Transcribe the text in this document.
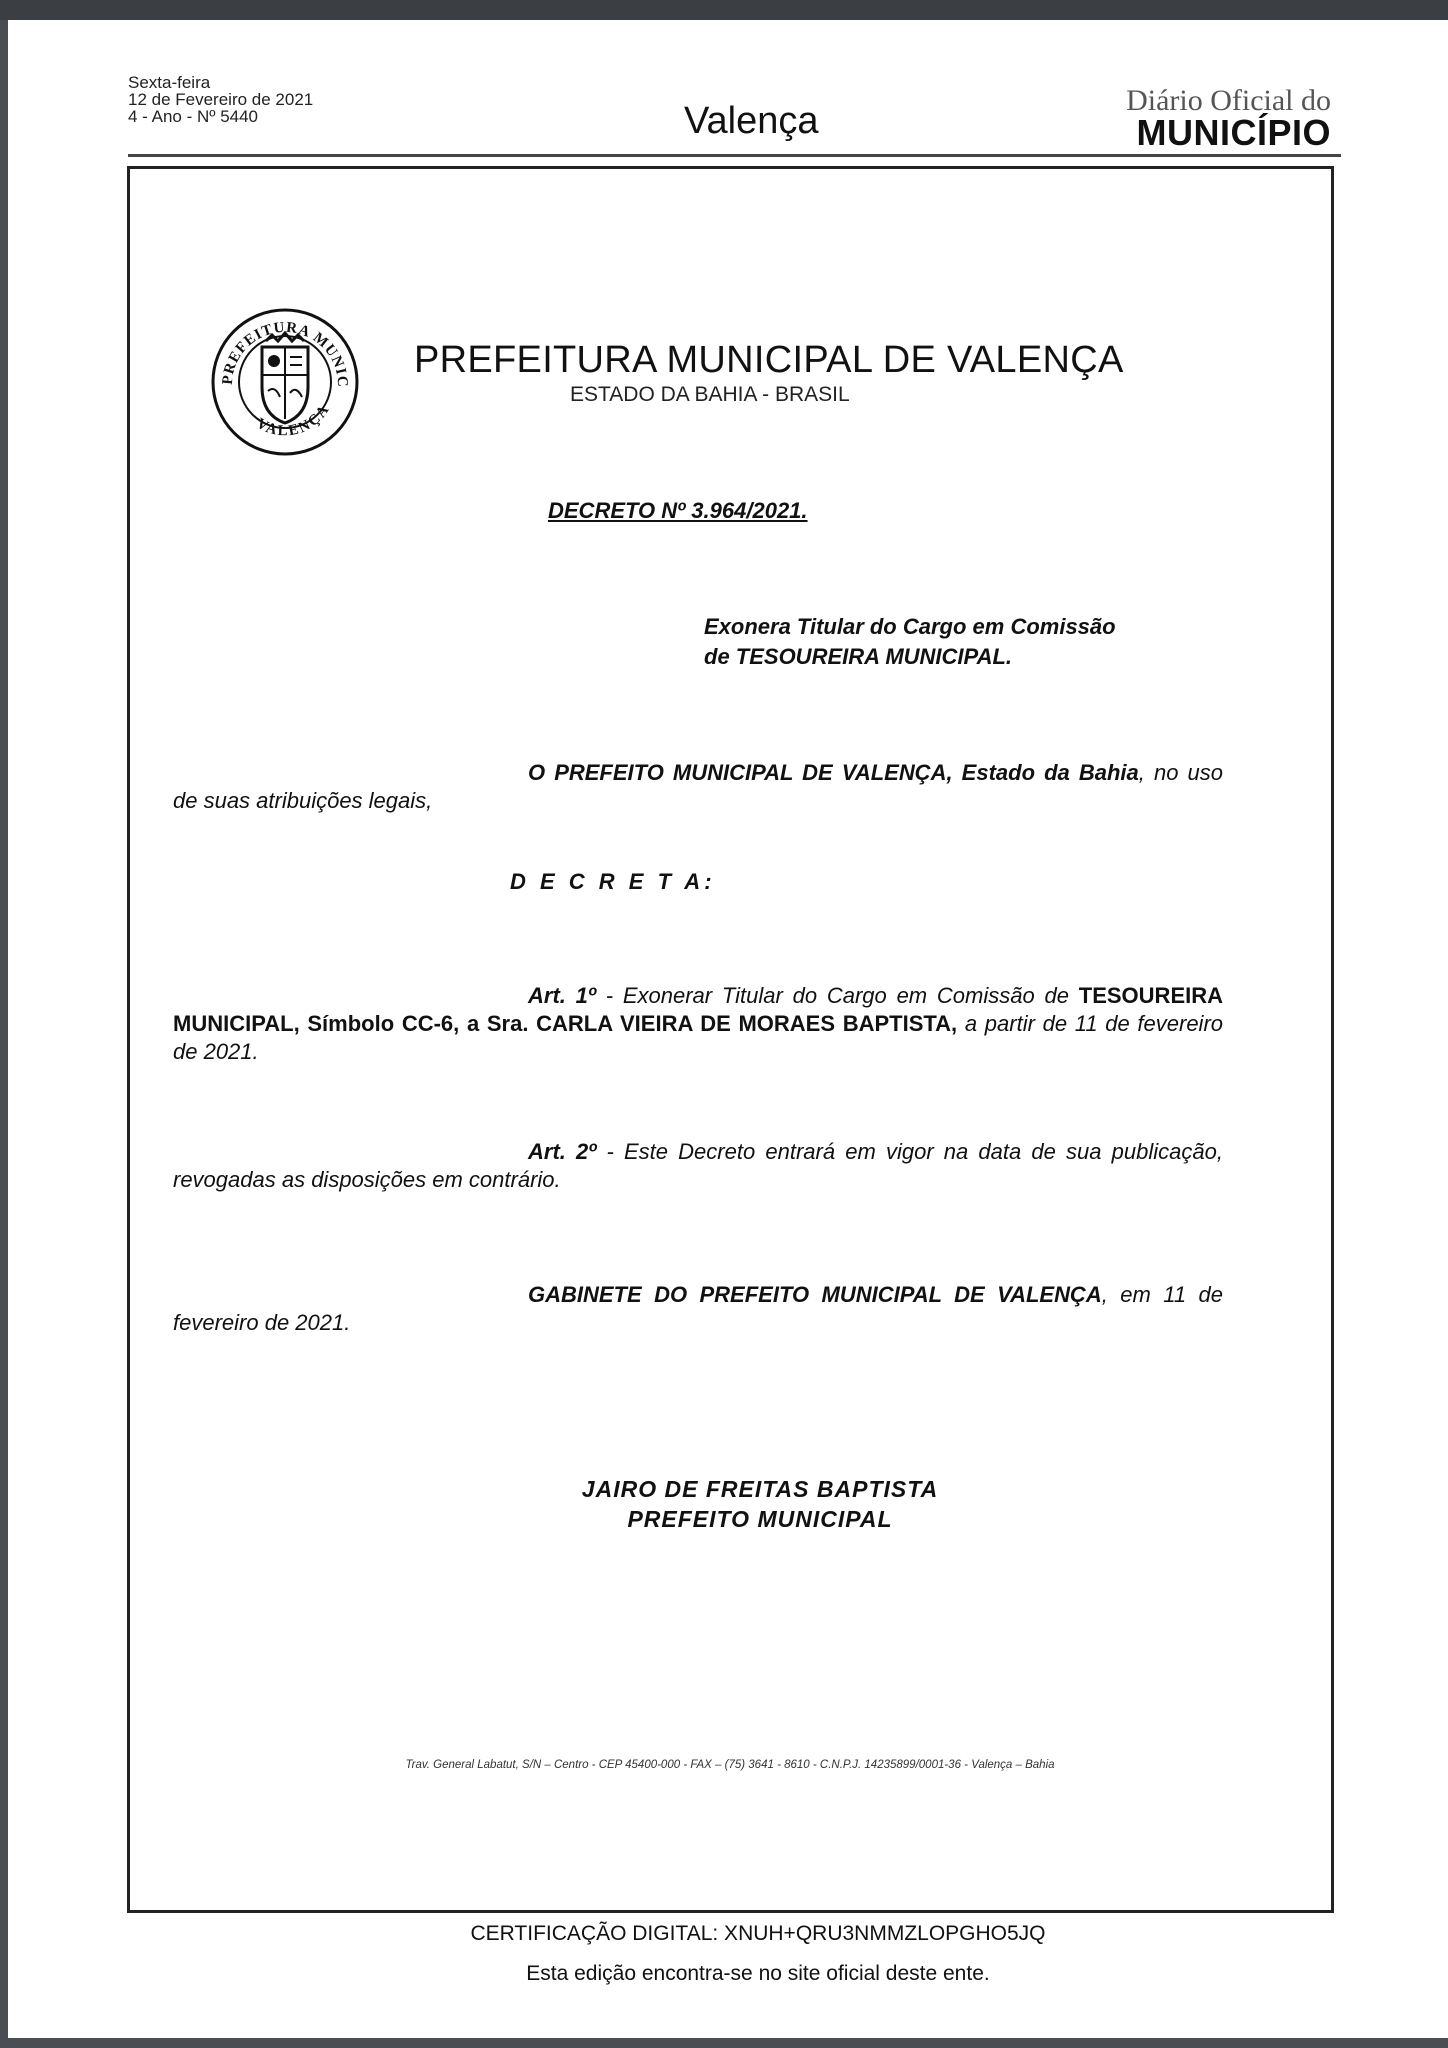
Sexta-feira
12 de Fevereiro de 2021
4 - Ano - Nº 5440	Valença	Diário Oficial do
MUNICÍPIO
PREFEITURA MUNIC
VALENÇA
PREFEITURA MUNICIPAL DE VALENÇA
ESTADO DA BAHIA - BRASIL
DECRETO Nº 3.964/2021.
Exonera Titular do Cargo em Comissão
de TESOUREIRA MUNICIPAL.
O PREFEITO MUNICIPAL DE VALENÇA, Estado da Bahia, no uso de suas atribuições legais,
D E C R E T A:
Art. 1º - Exonerar Titular do Cargo em Comissão de TESOUREIRA MUNICIPAL, Símbolo CC-6, a Sra. CARLA VIEIRA DE MORAES BAPTISTA, a partir de 11 de fevereiro de 2021.
Art. 2º - Este Decreto entrará em vigor na data de sua publicação, revogadas as disposições em contrário.
GABINETE DO PREFEITO MUNICIPAL DE VALENÇA, em 11 de fevereiro de 2021.
JAIRO DE FREITAS BAPTISTA
PREFEITO MUNICIPAL
Trav. General Labatut, S/N – Centro - CEP 45400-000 - FAX – (75) 3641 - 8610 - C.N.P.J. 14235899/0001-36 - Valença – Bahia
CERTIFICAÇÃO DIGITAL: XNUH+QRU3NMMZLOPGHO5JQ
Esta edição encontra-se no site oficial deste ente.
